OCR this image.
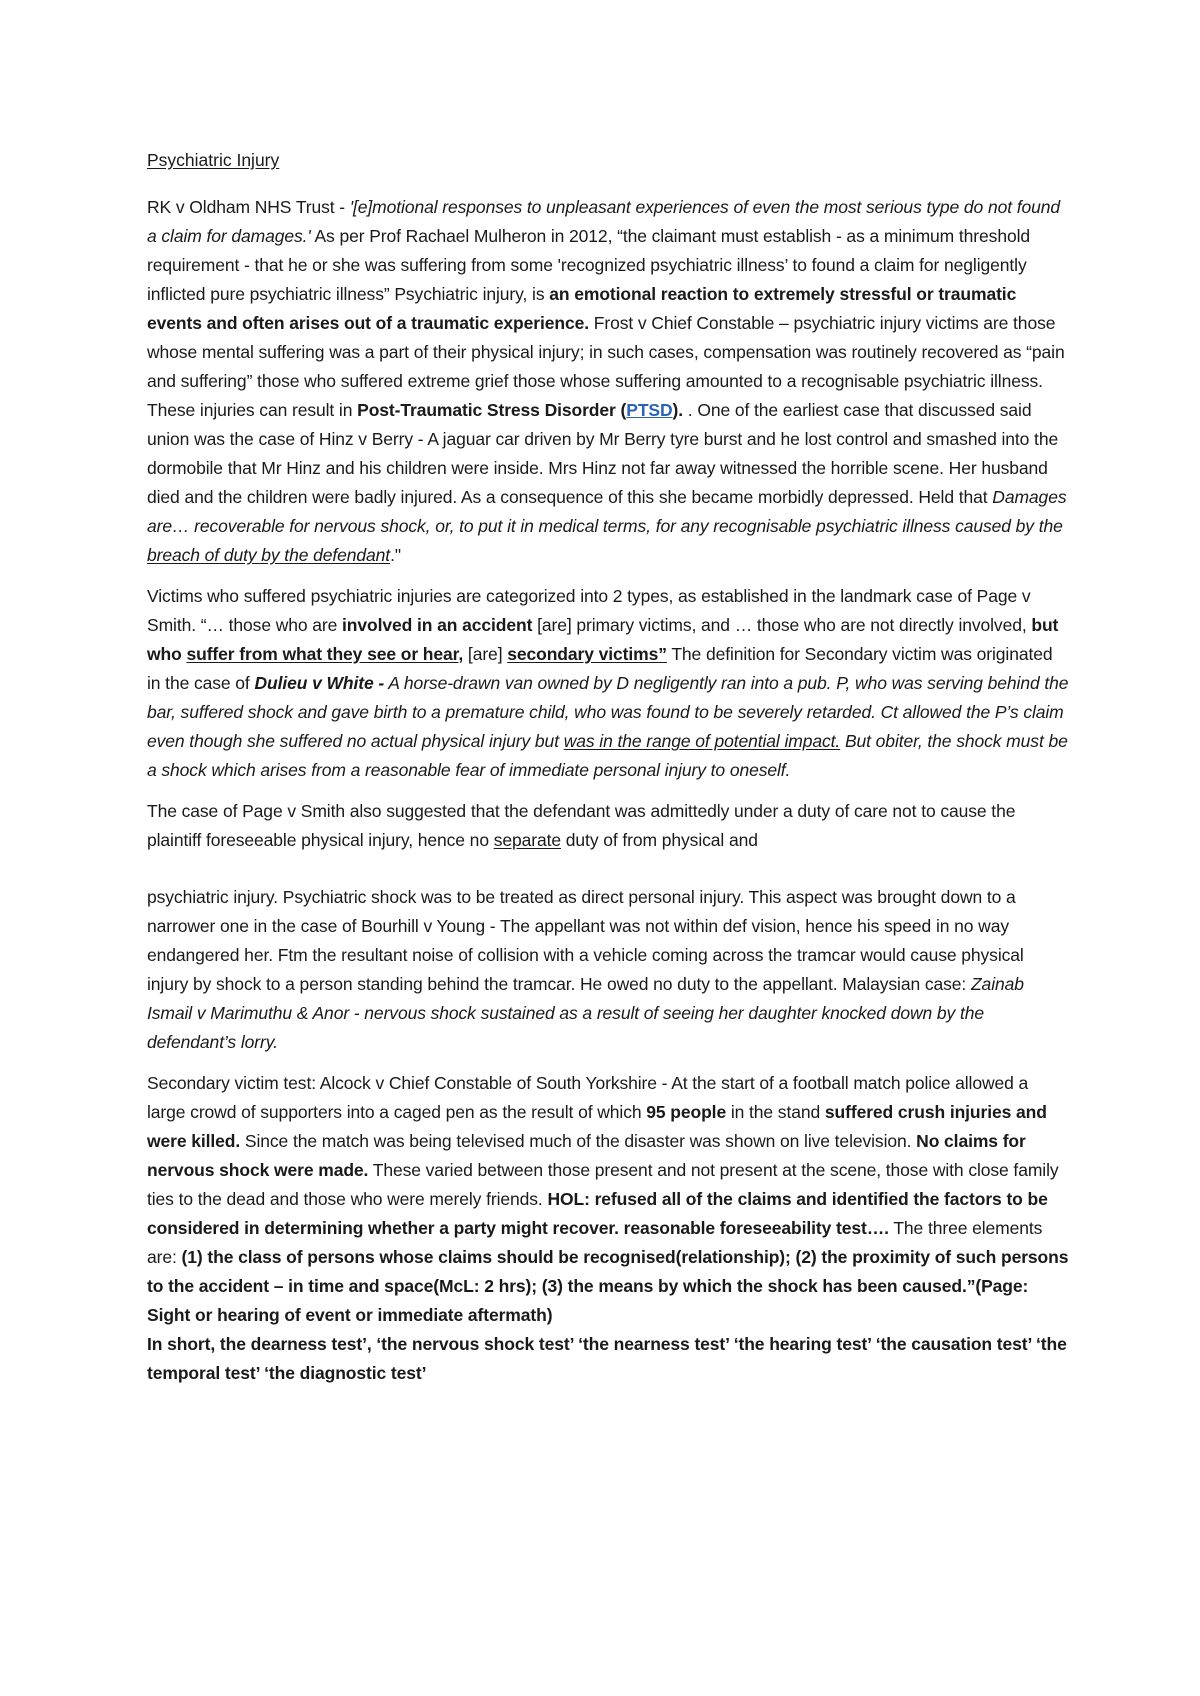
Psychiatric Injury

RK v Oldham NHS Trust - '[e]motional responses to unpleasant experiences of even the most serious type do not found a claim for damages.' As per Prof Rachael Mulheron in 2012, “the claimant must establish - as a minimum threshold requirement - that he or she was suffering from some 'recognized psychiatric illness’ to found a claim for negligently inflicted pure psychiatric illness” Psychiatric injury, is an emotional reaction to extremely stressful or traumatic events and often arises out of a traumatic experience. Frost v Chief Constable – psychiatric injury victims are those whose mental suffering was a part of their physical injury; in such cases, compensation was routinely recovered as “pain and suffering” those who suffered extreme grief those whose suffering amounted to a recognisable psychiatric illness. These injuries can result in Post-Traumatic Stress Disorder (PTSD). . One of the earliest case that discussed said union was the case of Hinz v Berry - A jaguar car driven by Mr Berry tyre burst and he lost control and smashed into the dormobile that Mr Hinz and his children were inside. Mrs Hinz not far away witnessed the horrible scene. Her husband died and the children were badly injured. As a consequence of this she became morbidly depressed. Held that Damages are… recoverable for nervous shock, or, to put it in medical terms, for any recognisable psychiatric illness caused by the breach of duty by the defendant."

Victims who suffered psychiatric injuries are categorized into 2 types, as established in the landmark case of Page v Smith. “… those who are involved in an accident [are] primary victims, and … those who are not directly involved, but who suffer from what they see or hear, [are] secondary victims” The definition for Secondary victim was originated in the case of Dulieu v White - A horse-drawn van owned by D negligently ran into a pub. P, who was serving behind the bar, suffered shock and gave birth to a premature child, who was found to be severely retarded. Ct allowed the P’s claim even though she suffered no actual physical injury but was in the range of potential impact. But obiter, the shock must be a shock which arises from a reasonable fear of immediate personal injury to oneself.

The case of Page v Smith also suggested that the defendant was admittedly under a duty of care not to cause the plaintiff foreseeable physical injury, hence no separate duty of from physical and

psychiatric injury. Psychiatric shock was to be treated as direct personal injury. This aspect was brought down to a narrower one in the case of Bourhill v Young - The appellant was not within def vision, hence his speed in no way endangered her. Ftm the resultant noise of collision with a vehicle coming across the tramcar would cause physical injury by shock to a person standing behind the tramcar. He owed no duty to the appellant. Malaysian case: Zainab Ismail v Marimuthu & Anor - nervous shock sustained as a result of seeing her daughter knocked down by the defendant’s lorry.

Secondary victim test: Alcock v Chief Constable of South Yorkshire - At the start of a football match police allowed a large crowd of supporters into a caged pen as the result of which 95 people in the stand suffered crush injuries and were killed. Since the match was being televised much of the disaster was shown on live television. No claims for nervous shock were made. These varied between those present and not present at the scene, those with close family ties to the dead and those who were merely friends. HOL: refused all of the claims and identified the factors to be considered in determining whether a party might recover. reasonable foreseeability test…. The three elements are: (1) the class of persons whose claims should be recognised(relationship); (2) the proximity of such persons to the accident – in time and space(McL: 2 hrs); (3) the means by which the shock has been caused.”(Page: Sight or hearing of event or immediate aftermath)
In short, the dearness test’, ‘the nervous shock test’ ‘the nearness test’ ‘the hearing test’ ‘the causation test’ ‘the temporal test’ ‘the diagnostic test’
